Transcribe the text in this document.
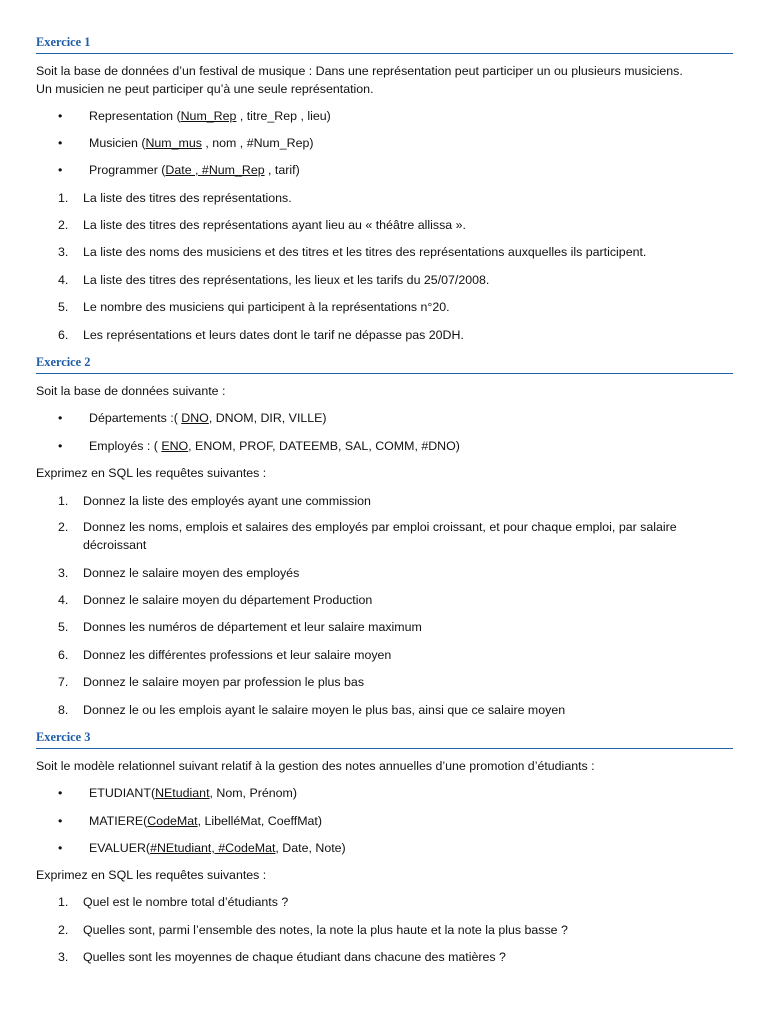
Exercice 1
Soit la base de données d’un festival de musique : Dans une représentation peut participer un ou plusieurs musiciens.
Un musicien ne peut participer qu’à une seule représentation.
• Representation (Num_Rep , titre_Rep , lieu)
• Musicien (Num_mus , nom , #Num_Rep)
• Programmer (Date , #Num_Rep , tarif)
1. La liste des titres des représentations.
2. La liste des titres des représentations ayant lieu au « théâtre allissa ».
3. La liste des noms des musiciens et des titres et les titres des représentations auxquelles ils participent.
4. La liste des titres des représentations, les lieux et les tarifs du 25/07/2008.
5. Le nombre des musiciens qui participent à la représentations n°20.
6. Les représentations et leurs dates dont le tarif ne dépasse pas 20DH.
Exercice 2
Soit la base de données suivante :
• Départements :( DNO, DNOM, DIR, VILLE)
• Employés : ( ENO, ENOM, PROF, DATEEMB, SAL, COMM, #DNO)
Exprimez en SQL les requêtes suivantes :
1. Donnez la liste des employés ayant une commission
2. Donnez les noms, emplois et salaires des employés par emploi croissant, et pour chaque emploi, par salaire décroissant
3. Donnez le salaire moyen des employés
4. Donnez le salaire moyen du département Production
5. Donnes les numéros de département et leur salaire maximum
6. Donnez les différentes professions et leur salaire moyen
7. Donnez le salaire moyen par profession le plus bas
8. Donnez le ou les emplois ayant le salaire moyen le plus bas, ainsi que ce salaire moyen
Exercice 3
Soit le modèle relationnel suivant relatif à la gestion des notes annuelles d’une promotion d’étudiants :
• ETUDIANT(NEtudiant, Nom, Prénom)
• MATIERE(CodeMat, LibelléMat, CoeffMat)
• EVALUER(#NEtudiant, #CodeMat, Date, Note)
Exprimez en SQL les requêtes suivantes :
1. Quel est le nombre total d’étudiants ?
2. Quelles sont, parmi l’ensemble des notes, la note la plus haute et la note la plus basse ?
3. Quelles sont les moyennes de chaque étudiant dans chacune des matières ?
